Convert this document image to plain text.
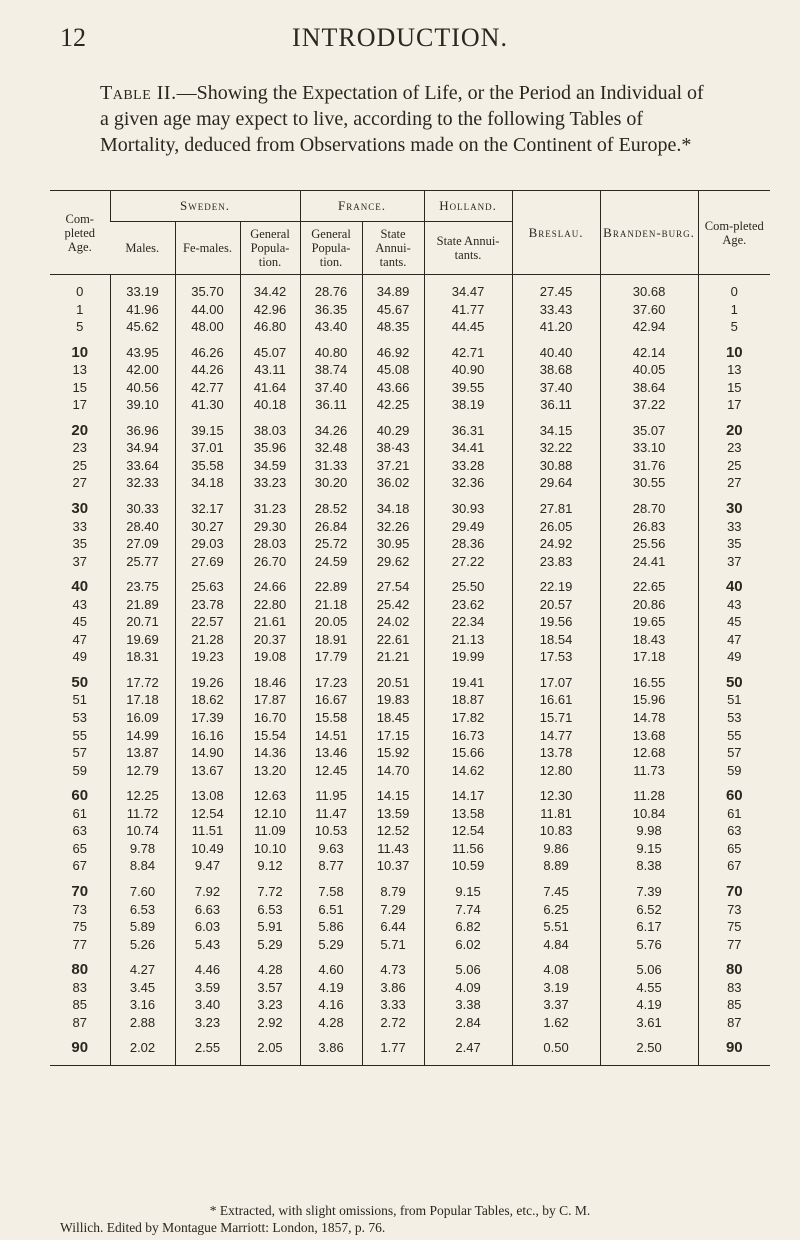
12	INTRODUCTION.
Table II.—Showing the Expectation of Life, or the Period an Individual of a given age may expect to live, according to the following Tables of Mortality, deduced from Observations made on the Continent of Europe.*
Com-pleted Age.	Sweden.			France.		Holland.	Breslau.	Branden-burg.	Com-pleted Age.
	Males.	Fe-males.	General Popula-tion.	General Popula-tion.	State Annui-tants.	State Annui-tants.			
0	33.19	35.70	34.42	28.76	34.89	34.47	27.45	30.68	0
1	41.96	44.00	42.96	36.35	45.67	41.77	33.43	37.60	1
5	45.62	48.00	46.80	43.40	48.35	44.45	41.20	42.94	5
10	43.95	46.26	45.07	40.80	46.92	42.71	40.40	42.14	10
13	42.00	44.26	43.11	38.74	45.08	40.90	38.68	40.05	13
15	40.56	42.77	41.64	37.40	43.66	39.55	37.40	38.64	15
17	39.10	41.30	40.18	36.11	42.25	38.19	36.11	37.22	17
20	36.96	39.15	38.03	34.26	40.29	36.31	34.15	35.07	20
23	34.94	37.01	35.96	32.48	38·43	34.41	32.22	33.10	23
25	33.64	35.58	34.59	31.33	37.21	33.28	30.88	31.76	25
27	32.33	34.18	33.23	30.20	36.02	32.36	29.64	30.55	27
30	30.33	32.17	31.23	28.52	34.18	30.93	27.81	28.70	30
33	28.40	30.27	29.30	26.84	32.26	29.49	26.05	26.83	33
35	27.09	29.03	28.03	25.72	30.95	28.36	24.92	25.56	35
37	25.77	27.69	26.70	24.59	29.62	27.22	23.83	24.41	37
40	23.75	25.63	24.66	22.89	27.54	25.50	22.19	22.65	40
43	21.89	23.78	22.80	21.18	25.42	23.62	20.57	20.86	43
45	20.71	22.57	21.61	20.05	24.02	22.34	19.56	19.65	45
47	19.69	21.28	20.37	18.91	22.61	21.13	18.54	18.43	47
49	18.31	19.23	19.08	17.79	21.21	19.99	17.53	17.18	49
50	17.72	19.26	18.46	17.23	20.51	19.41	17.07	16.55	50
51	17.18	18.62	17.87	16.67	19.83	18.87	16.61	15.96	51
53	16.09	17.39	16.70	15.58	18.45	17.82	15.71	14.78	53
55	14.99	16.16	15.54	14.51	17.15	16.73	14.77	13.68	55
57	13.87	14.90	14.36	13.46	15.92	15.66	13.78	12.68	57
59	12.79	13.67	13.20	12.45	14.70	14.62	12.80	11.73	59
60	12.25	13.08	12.63	11.95	14.15	14.17	12.30	11.28	60
61	11.72	12.54	12.10	11.47	13.59	13.58	11.81	10.84	61
63	10.74	11.51	11.09	10.53	12.52	12.54	10.83	9.98	63
65	9.78	10.49	10.10	9.63	11.43	11.56	9.86	9.15	65
67	8.84	9.47	9.12	8.77	10.37	10.59	8.89	8.38	67
70	7.60	7.92	7.72	7.58	8.79	9.15	7.45	7.39	70
73	6.53	6.63	6.53	6.51	7.29	7.74	6.25	6.52	73
75	5.89	6.03	5.91	5.86	6.44	6.82	5.51	6.17	75
77	5.26	5.43	5.29	5.29	5.71	6.02	4.84	5.76	77
80	4.27	4.46	4.28	4.60	4.73	5.06	4.08	5.06	80
83	3.45	3.59	3.57	4.19	3.86	4.09	3.19	4.55	83
85	3.16	3.40	3.23	4.16	3.33	3.38	3.37	4.19	85
87	2.88	3.23	2.92	4.28	2.72	2.84	1.62	3.61	87
90	2.02	2.55	2.05	3.86	1.77	2.47	0.50	2.50	90
* Extracted, with slight omissions, from Popular Tables, etc., by C. M.
Willich. Edited by Montague Marriott: London, 1857, p. 76.
